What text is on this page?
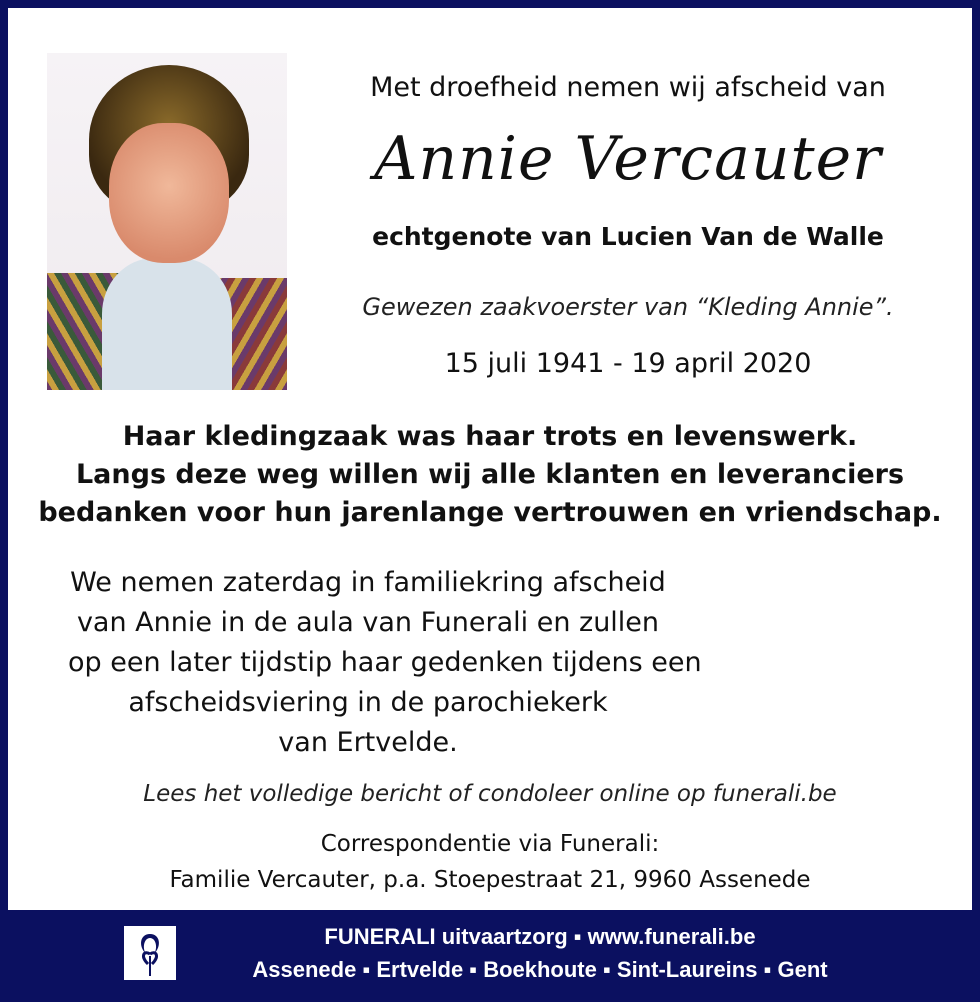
Met droefheid nemen wij afscheid van
Annie Vercauter
echtgenote van Lucien Van de Walle
Gewezen zaakvoerster van “Kleding Annie”.
15 juli 1941 - 19 april 2020
Haar kledingzaak was haar trots en levenswerk.
Langs deze weg willen wij alle klanten en leveranciers
bedanken voor hun jarenlange vertrouwen en vriendschap.
We nemen zaterdag in familiekring afscheid
van Annie in de aula van Funerali en zullen
op een later tijdstip haar gedenken tijdens een
afscheidsviering in de parochiekerk
van Ertvelde.
Lees het volledige bericht of condoleer online op funerali.be
Correspondentie via Funerali:
Familie Vercauter, p.a. Stoepestraat 21, 9960 Assenede
FUNERALI uitvaartzorg ▪ www.funerali.be
Assenede ▪ Ertvelde ▪ Boekhoute ▪ Sint-Laureins ▪ Gent
